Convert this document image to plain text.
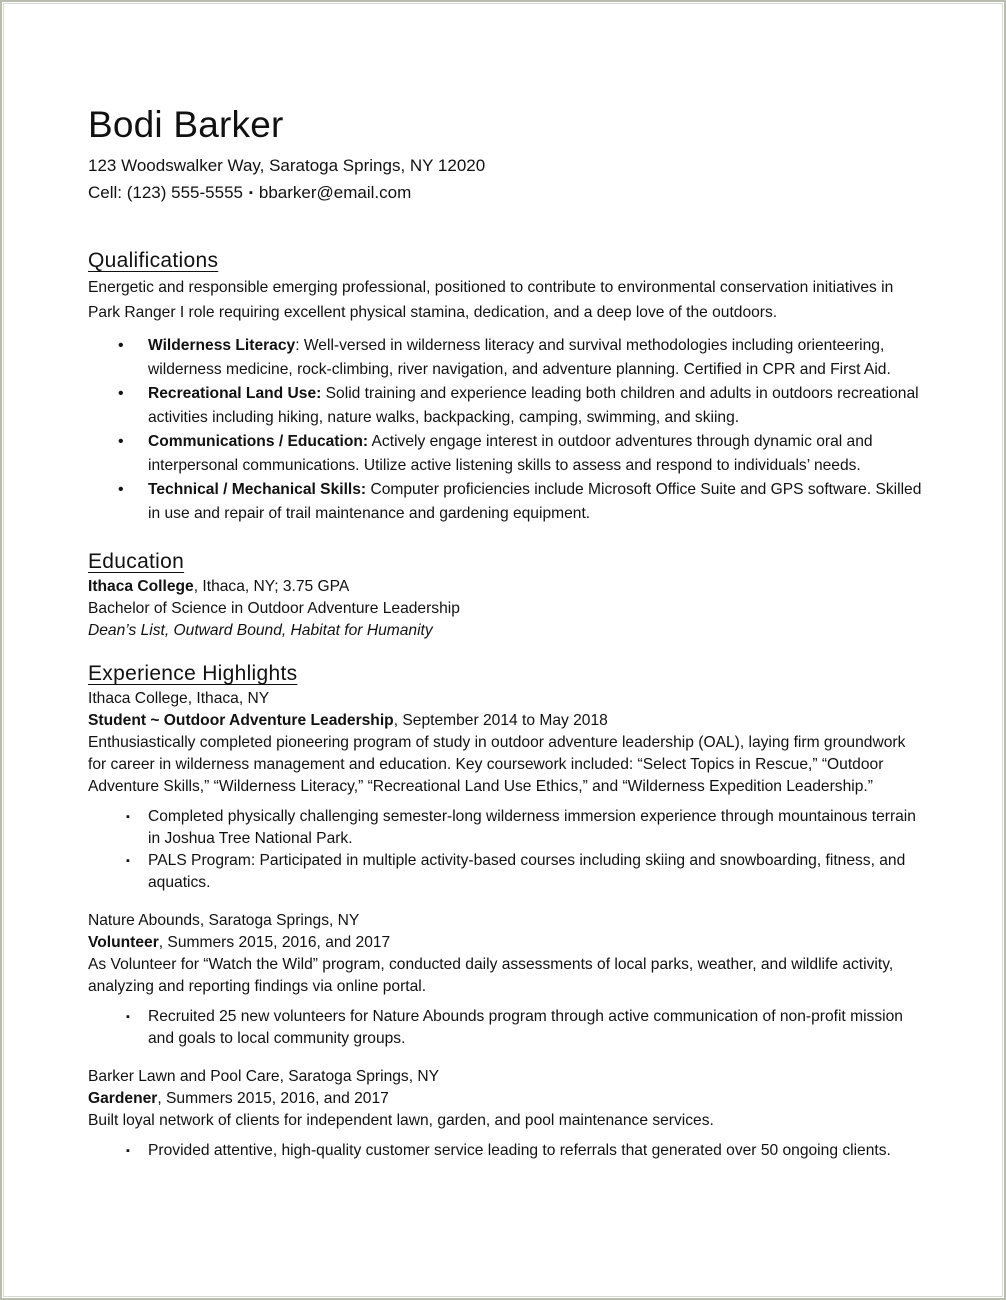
Bodi Barker
123 Woodswalker Way, Saratoga Springs, NY 12020
Cell: (123) 555-5555 ▪ bbarker@email.com
Qualifications
Energetic and responsible emerging professional, positioned to contribute to environmental conservation initiatives in Park Ranger I role requiring excellent physical stamina, dedication, and a deep love of the outdoors.
• Wilderness Literacy: Well-versed in wilderness literacy and survival methodologies including orienteering, wilderness medicine, rock-climbing, river navigation, and adventure planning. Certified in CPR and First Aid.
• Recreational Land Use: Solid training and experience leading both children and adults in outdoors recreational activities including hiking, nature walks, backpacking, camping, swimming, and skiing.
• Communications / Education: Actively engage interest in outdoor adventures through dynamic oral and interpersonal communications. Utilize active listening skills to assess and respond to individuals’ needs.
• Technical / Mechanical Skills: Computer proficiencies include Microsoft Office Suite and GPS software. Skilled in use and repair of trail maintenance and gardening equipment.
Education
Ithaca College, Ithaca, NY; 3.75 GPA
Bachelor of Science in Outdoor Adventure Leadership
Dean’s List, Outward Bound, Habitat for Humanity
Experience Highlights
Ithaca College, Ithaca, NY
Student ~ Outdoor Adventure Leadership, September 2014 to May 2018
Enthusiastically completed pioneering program of study in outdoor adventure leadership (OAL), laying firm groundwork for career in wilderness management and education. Key coursework included: “Select Topics in Rescue,” “Outdoor Adventure Skills,” “Wilderness Literacy,” “Recreational Land Use Ethics,” and “Wilderness Expedition Leadership.”
▪ Completed physically challenging semester-long wilderness immersion experience through mountainous terrain in Joshua Tree National Park.
▪ PALS Program: Participated in multiple activity-based courses including skiing and snowboarding, fitness, and aquatics.
Nature Abounds, Saratoga Springs, NY
Volunteer, Summers 2015, 2016, and 2017
As Volunteer for “Watch the Wild” program, conducted daily assessments of local parks, weather, and wildlife activity, analyzing and reporting findings via online portal.
▪ Recruited 25 new volunteers for Nature Abounds program through active communication of non-profit mission and goals to local community groups.
Barker Lawn and Pool Care, Saratoga Springs, NY
Gardener, Summers 2015, 2016, and 2017
Built loyal network of clients for independent lawn, garden, and pool maintenance services.
▪ Provided attentive, high-quality customer service leading to referrals that generated over 50 ongoing clients.
